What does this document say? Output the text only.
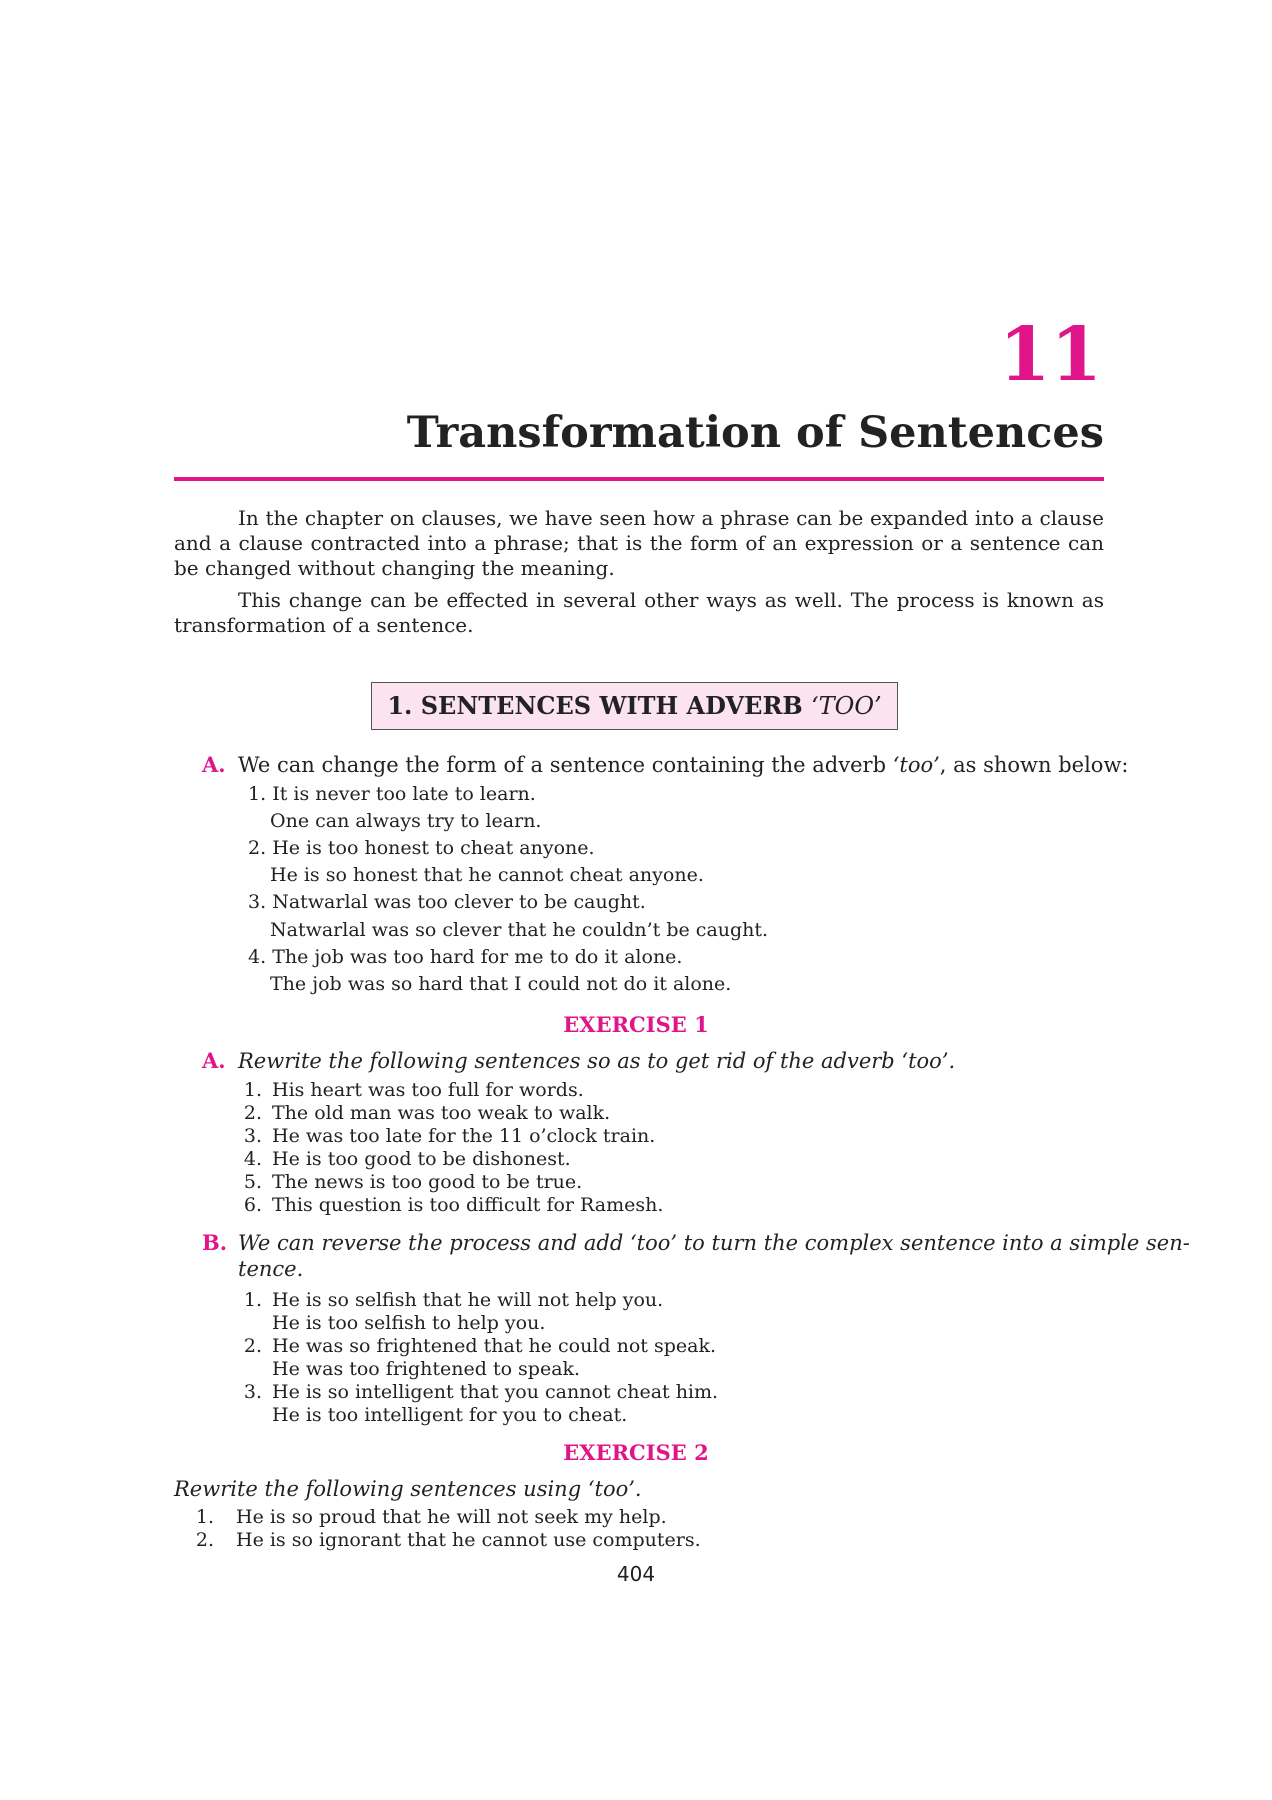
11
Transformation of Sentences
In the chapter on clauses, we have seen how a phrase can be expanded into a clause and a clause contracted into a phrase; that is the form of an expression or a sentence can be changed without changing the meaning.
This change can be effected in several other ways as well. The process is known as transformation of a sentence.
1. SENTENCES WITH ADVERB ‘TOO’
A. We can change the form of a sentence containing the adverb ‘too’, as shown below:
1. It is never too late to learn.
One can always try to learn.
2. He is too honest to cheat anyone.
He is so honest that he cannot cheat anyone.
3. Natwarlal was too clever to be caught.
Natwarlal was so clever that he couldn’t be caught.
4. The job was too hard for me to do it alone.
The job was so hard that I could not do it alone.
EXERCISE 1
A. Rewrite the following sentences so as to get rid of the adverb ‘too’.
1. His heart was too full for words.
2. The old man was too weak to walk.
3. He was too late for the 11 o’clock train.
4. He is too good to be dishonest.
5. The news is too good to be true.
6. This question is too difficult for Ramesh.
B. We can reverse the process and add ‘too’ to turn the complex sentence into a simple sen-
tence.
1. He is so selfish that he will not help you.
He is too selfish to help you.
2. He was so frightened that he could not speak.
He was too frightened to speak.
3. He is so intelligent that you cannot cheat him.
He is too intelligent for you to cheat.
EXERCISE 2
Rewrite the following sentences using ‘too’.
1. He is so proud that he will not seek my help.
2. He is so ignorant that he cannot use computers.
404
